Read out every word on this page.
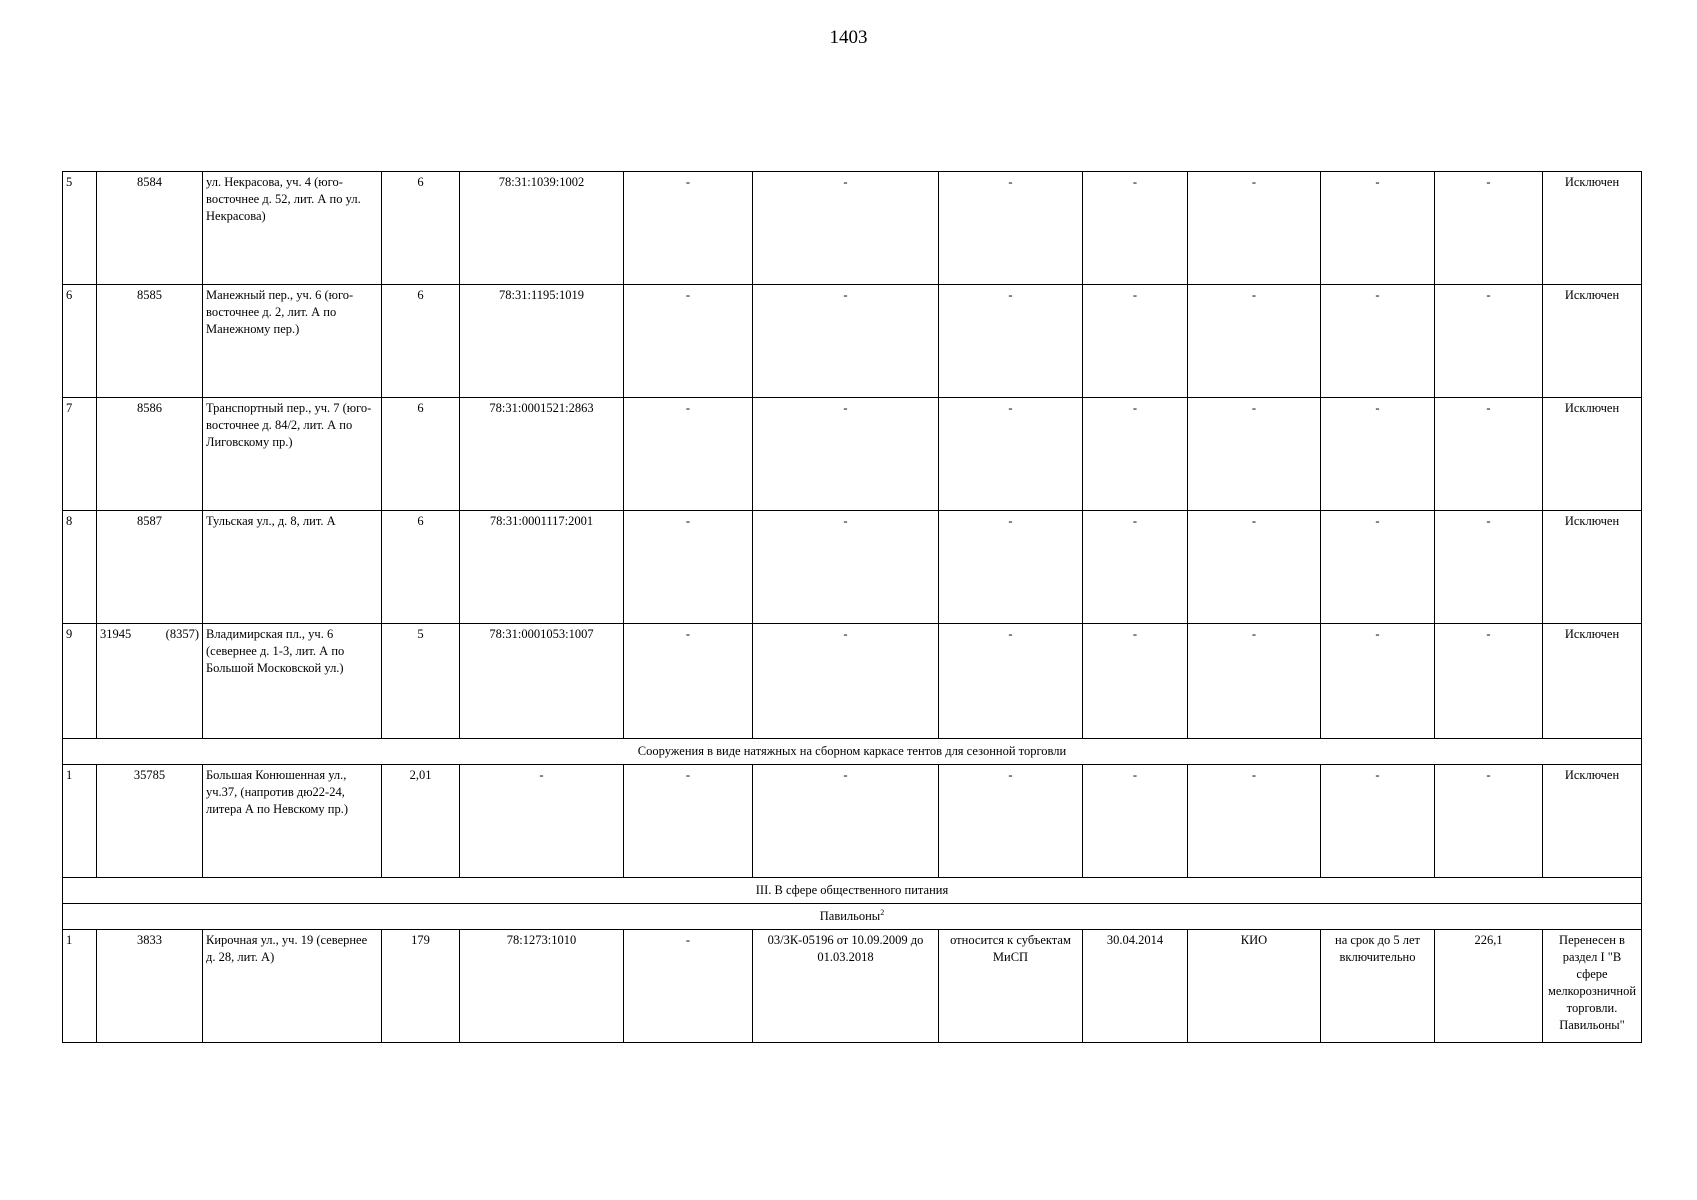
1403
5	8584	ул. Некрасова, уч. 4 (юго-восточнее д. 52, лит. А по ул. Некрасова)	6	78:31:1039:1002	-	-	-	-	-	-	-	Исключен
6	8585	Манежный пер., уч. 6 (юго-восточнее д. 2, лит. А по Манежному пер.)	6	78:31:1195:1019	-	-	-	-	-	-	-	Исключен
7	8586	Транспортный пер., уч. 7 (юго-восточнее д. 84/2, лит. А по Лиговскому пр.)	6	78:31:0001521:2863	-	-	-	-	-	-	-	Исключен
8	8587	Тульская ул., д. 8, лит. А	6	78:31:0001117:2001	-	-	-	-	-	-	-	Исключен
9	31945 (8357)	Владимирская пл., уч. 6 (севернее д. 1-3, лит. А по Большой Московской ул.)	5	78:31:0001053:1007	-	-	-	-	-	-	-	Исключен
Сооружения в виде натяжных на сборном каркасе тентов для сезонной торговли												
1	35785	Большая Конюшенная ул., уч.37, (напротив дю22-24, литера А по Невскому пр.)	2,01	-	-	-	-	-	-	-	-	Исключен
III. В сфере общественного питания												
Павильоны$^2$
1	3833	Кирочная ул., уч. 19 (севернее д. 28, лит. А)	179	78:1273:1010	-	03/ЗК-05196 от 10.09.2009 до 01.03.2018	относится к субъектам МиСП	30.04.2014	КИО	на срок до 5 лет включительно	226,1	Перенесен в раздел I "В сфере мелкорозничной торговли. Павильоны"
